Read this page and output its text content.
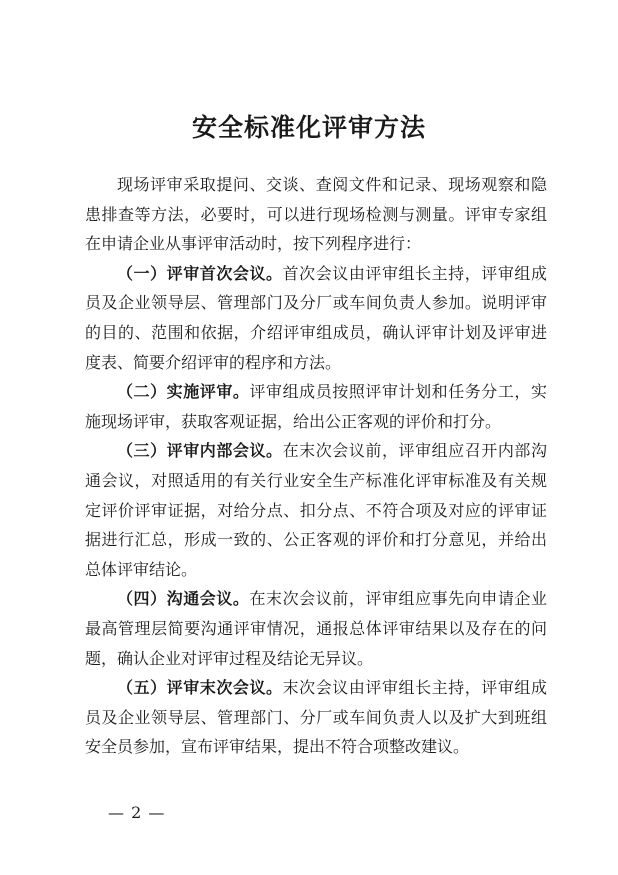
安全标准化评审方法

现场评审采取提问、交谈、查阅文件和记录、现场观察和隐患排查等方法，必要时，可以进行现场检测与测量。评审专家组在申请企业从事评审活动时，按下列程序进行：

（一）评审首次会议。首次会议由评审组长主持，评审组成员及企业领导层、管理部门及分厂或车间负责人参加。说明评审的目的、范围和依据，介绍评审组成员，确认评审计划及评审进度表、简要介绍评审的程序和方法。

（二）实施评审。评审组成员按照评审计划和任务分工，实施现场评审，获取客观证据，给出公正客观的评价和打分。

（三）评审内部会议。在末次会议前，评审组应召开内部沟通会议，对照适用的有关行业安全生产标准化评审标准及有关规定评价评审证据，对给分点、扣分点、不符合项及对应的评审证据进行汇总，形成一致的、公正客观的评价和打分意见，并给出总体评审结论。

（四）沟通会议。在末次会议前，评审组应事先向申请企业最高管理层简要沟通评审情况，通报总体评审结果以及存在的问题，确认企业对评审过程及结论无异议。

（五）评审末次会议。末次会议由评审组长主持，评审组成员及企业领导层、管理部门、分厂或车间负责人以及扩大到班组安全员参加，宣布评审结果，提出不符合项整改建议。

— 2 —
